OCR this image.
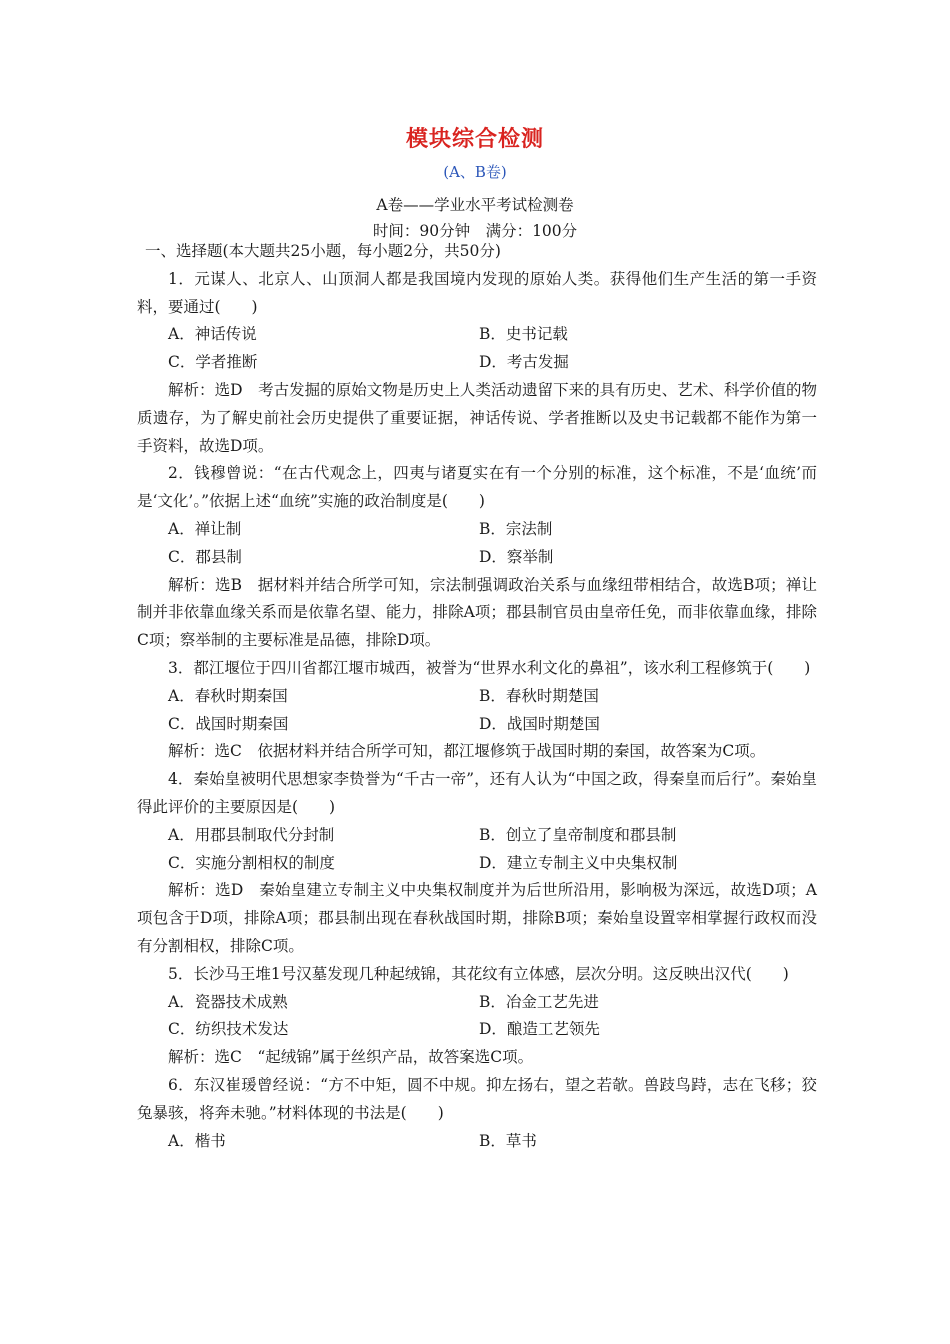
模块综合检测
(A、B卷)
A卷——学业水平考试检测卷
时间：90分钟　满分：100分

一、选择题(本大题共25小题，每小题2分，共50分)

1．元谋人、北京人、山顶洞人都是我国境内发现的原始人类。获得他们生产生活的第一手资料，要通过(　　)

A．神话传说	B．史书记载
C．学者推断	D．考古发掘

解析：选D　考古发掘的原始文物是历史上人类活动遗留下来的具有历史、艺术、科学价值的物质遗存，为了解史前社会历史提供了重要证据，神话传说、学者推断以及史书记载都不能作为第一手资料，故选D项。

2．钱穆曾说：“在古代观念上，四夷与诸夏实在有一个分别的标准，这个标准，不是‘血统’而是‘文化’。”依据上述“血统”实施的政治制度是(　　)

A．禅让制	B．宗法制
C．郡县制	D．察举制

解析：选B　据材料并结合所学可知，宗法制强调政治关系与血缘纽带相结合，故选B项；禅让制并非依靠血缘关系而是依靠名望、能力，排除A项；郡县制官员由皇帝任免，而非依靠血缘，排除C项；察举制的主要标准是品德，排除D项。

3．都江堰位于四川省都江堰市城西，被誉为“世界水利文化的鼻祖”，该水利工程修筑于(　　)

A．春秋时期秦国	B．春秋时期楚国
C．战国时期秦国	D．战国时期楚国

解析：选C　依据材料并结合所学可知，都江堰修筑于战国时期的秦国，故答案为C项。

4．秦始皇被明代思想家李贽誉为“千古一帝”，还有人认为“中国之政，得秦皇而后行”。秦始皇得此评价的主要原因是(　　)

A．用郡县制取代分封制	B．创立了皇帝制度和郡县制
C．实施分割相权的制度	D．建立专制主义中央集权制

解析：选D　秦始皇建立专制主义中央集权制度并为后世所沿用，影响极为深远，故选D项；A项包含于D项，排除A项；郡县制出现在春秋战国时期，排除B项；秦始皇设置宰相掌握行政权而没有分割相权，排除C项。

5．长沙马王堆1号汉墓发现几种起绒锦，其花纹有立体感，层次分明。这反映出汉代(　　)

A．瓷器技术成熟	B．冶金工艺先进
C．纺织技术发达	D．酿造工艺领先

解析：选C　“起绒锦”属于丝织产品，故答案选C项。

6．东汉崔瑗曾经说：“方不中矩，圆不中规。抑左扬右，望之若欹。兽跂鸟跱，志在飞移；狡兔暴骇，将奔未驰。”材料体现的书法是(　　)

A．楷书	B．草书
